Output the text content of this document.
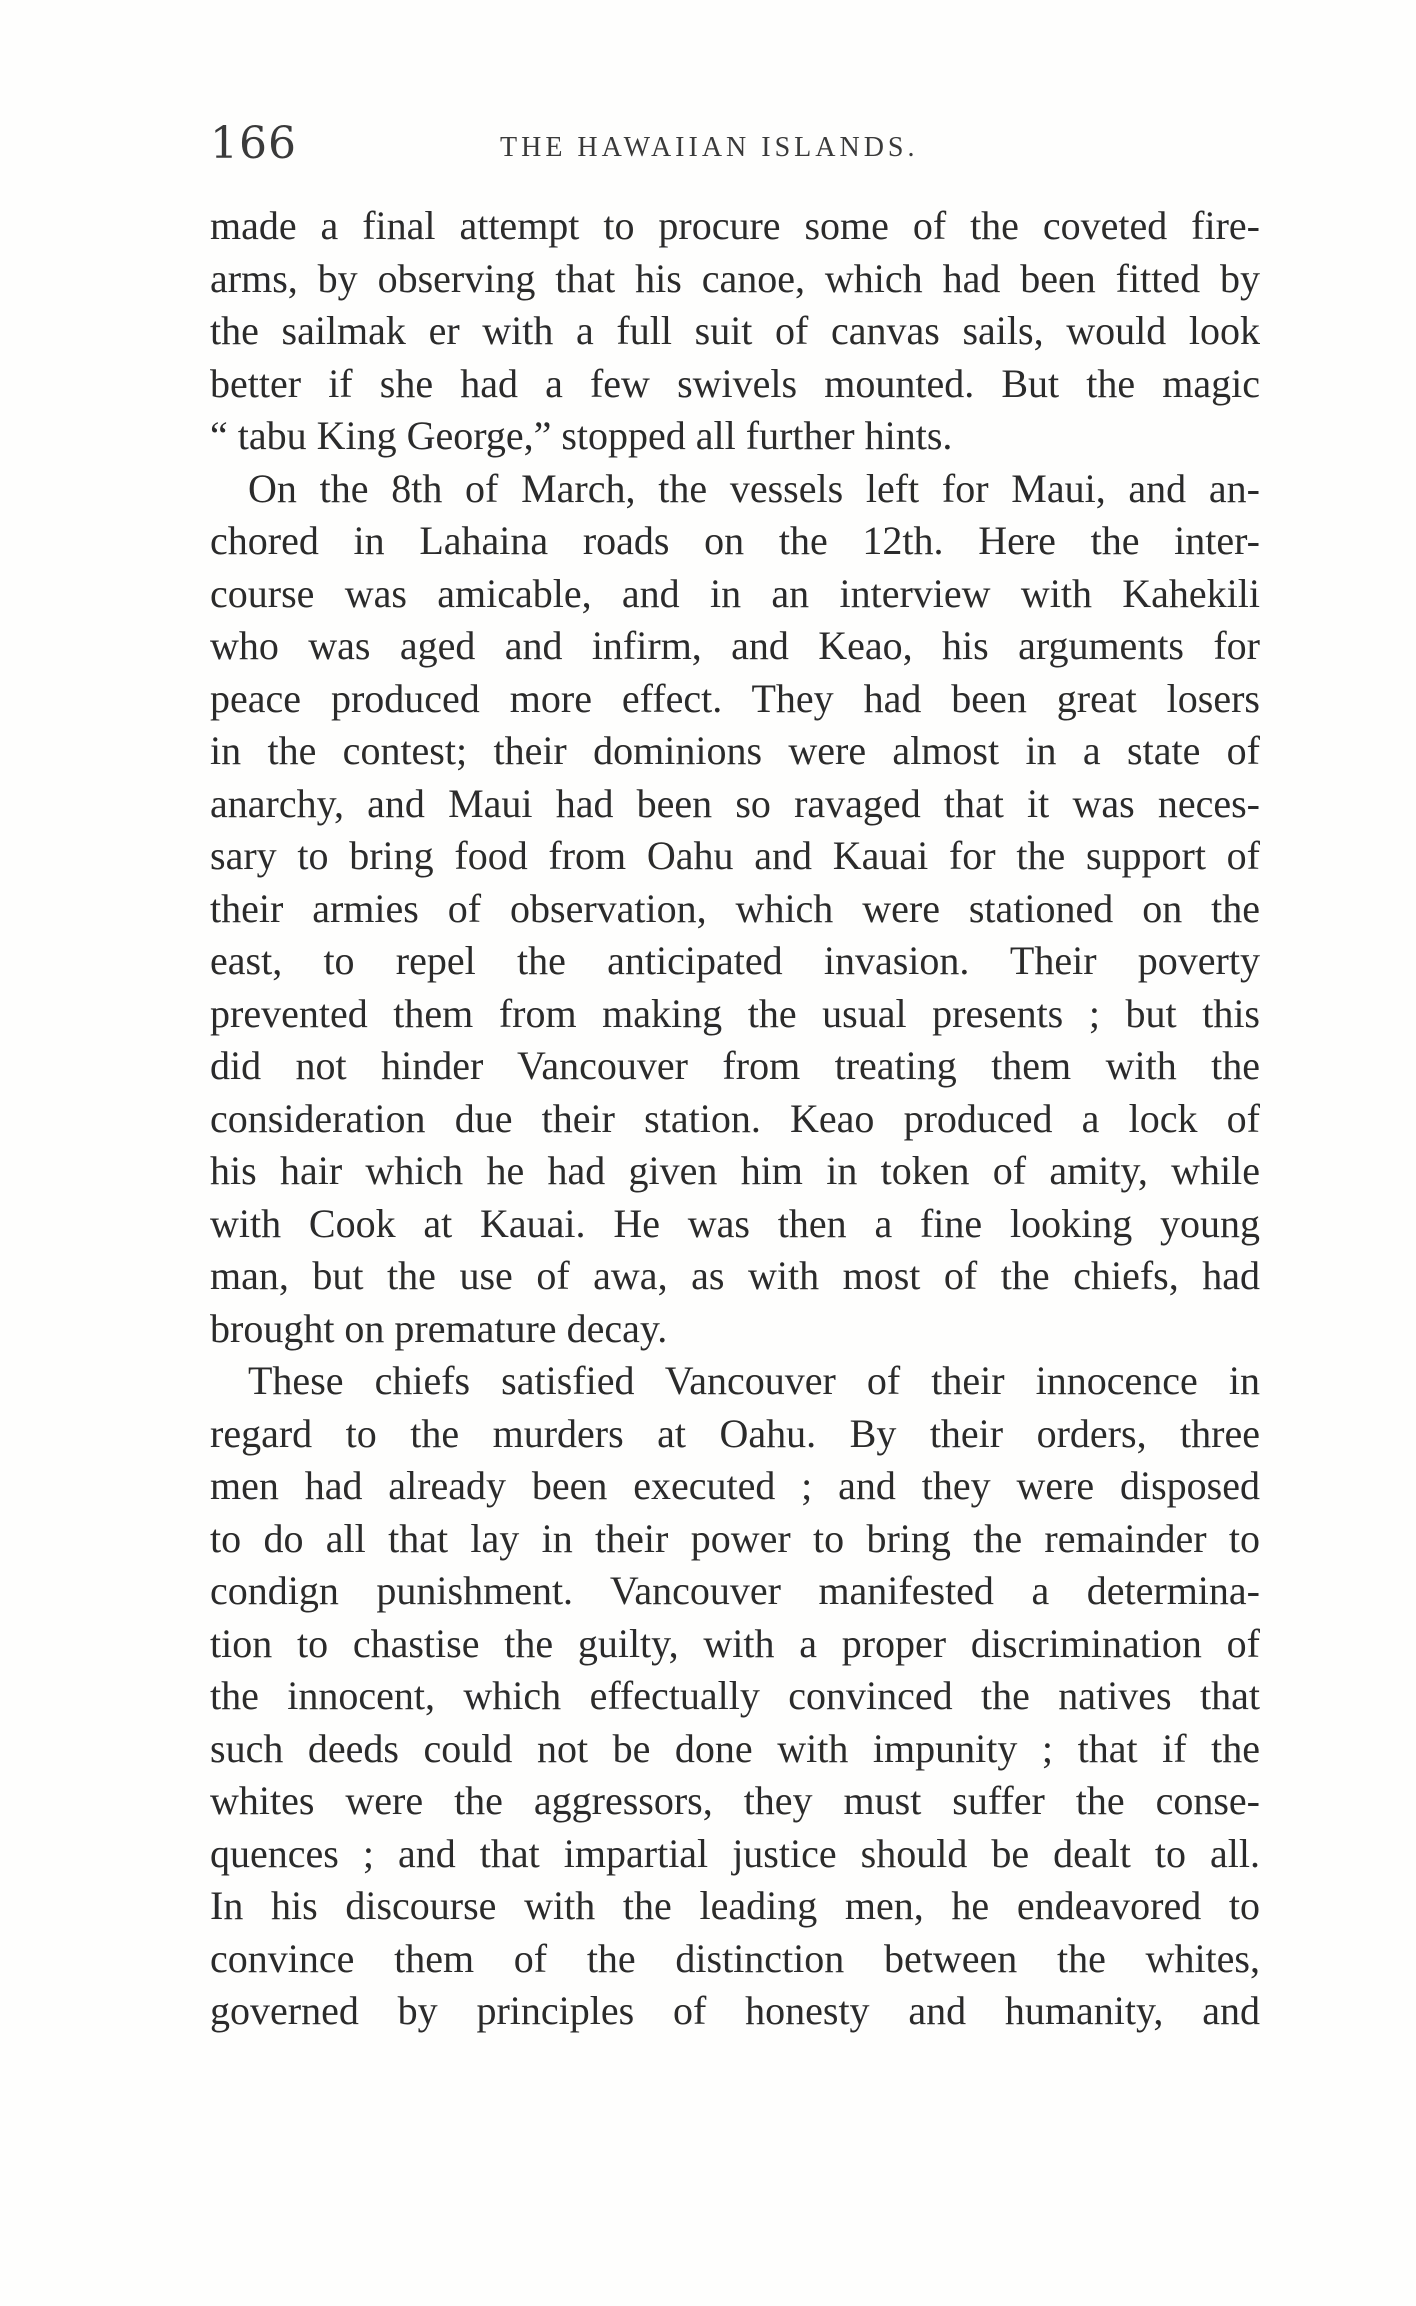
166	THE HAWAIIAN ISLANDS.
made a final attempt to procure some of the coveted fire-
arms, by observing that his canoe, which had been fitted by
the sailmak er with a full suit of canvas sails, would look
better if she had a few swivels mounted. But the magic
“ tabu King George,” stopped all further hints.
On the 8th of March, the vessels left for Maui, and an-
chored in Lahaina roads on the 12th. Here the inter-
course was amicable, and in an interview with Kahekili
who was aged and infirm, and Keao, his arguments for
peace produced more effect. They had been great losers
in the contest; their dominions were almost in a state of
anarchy, and Maui had been so ravaged that it was neces-
sary to bring food from Oahu and Kauai for the support of
their armies of observation, which were stationed on the
east, to repel the anticipated invasion. Their poverty
prevented them from making the usual presents ; but this
did not hinder Vancouver from treating them with the
consideration due their station. Keao produced a lock of
his hair which he had given him in token of amity, while
with Cook at Kauai. He was then a fine looking young
man, but the use of awa, as with most of the chiefs, had
brought on premature decay.
These chiefs satisfied Vancouver of their innocence in
regard to the murders at Oahu. By their orders, three
men had already been executed ; and they were disposed
to do all that lay in their power to bring the remainder to
condign punishment. Vancouver manifested a determina-
tion to chastise the guilty, with a proper discrimination of
the innocent, which effectually convinced the natives that
such deeds could not be done with impunity ; that if the
whites were the aggressors, they must suffer the conse-
quences ; and that impartial justice should be dealt to all.
In his discourse with the leading men, he endeavored to
convince them of the distinction between the whites,
governed by principles of honesty and humanity, and
